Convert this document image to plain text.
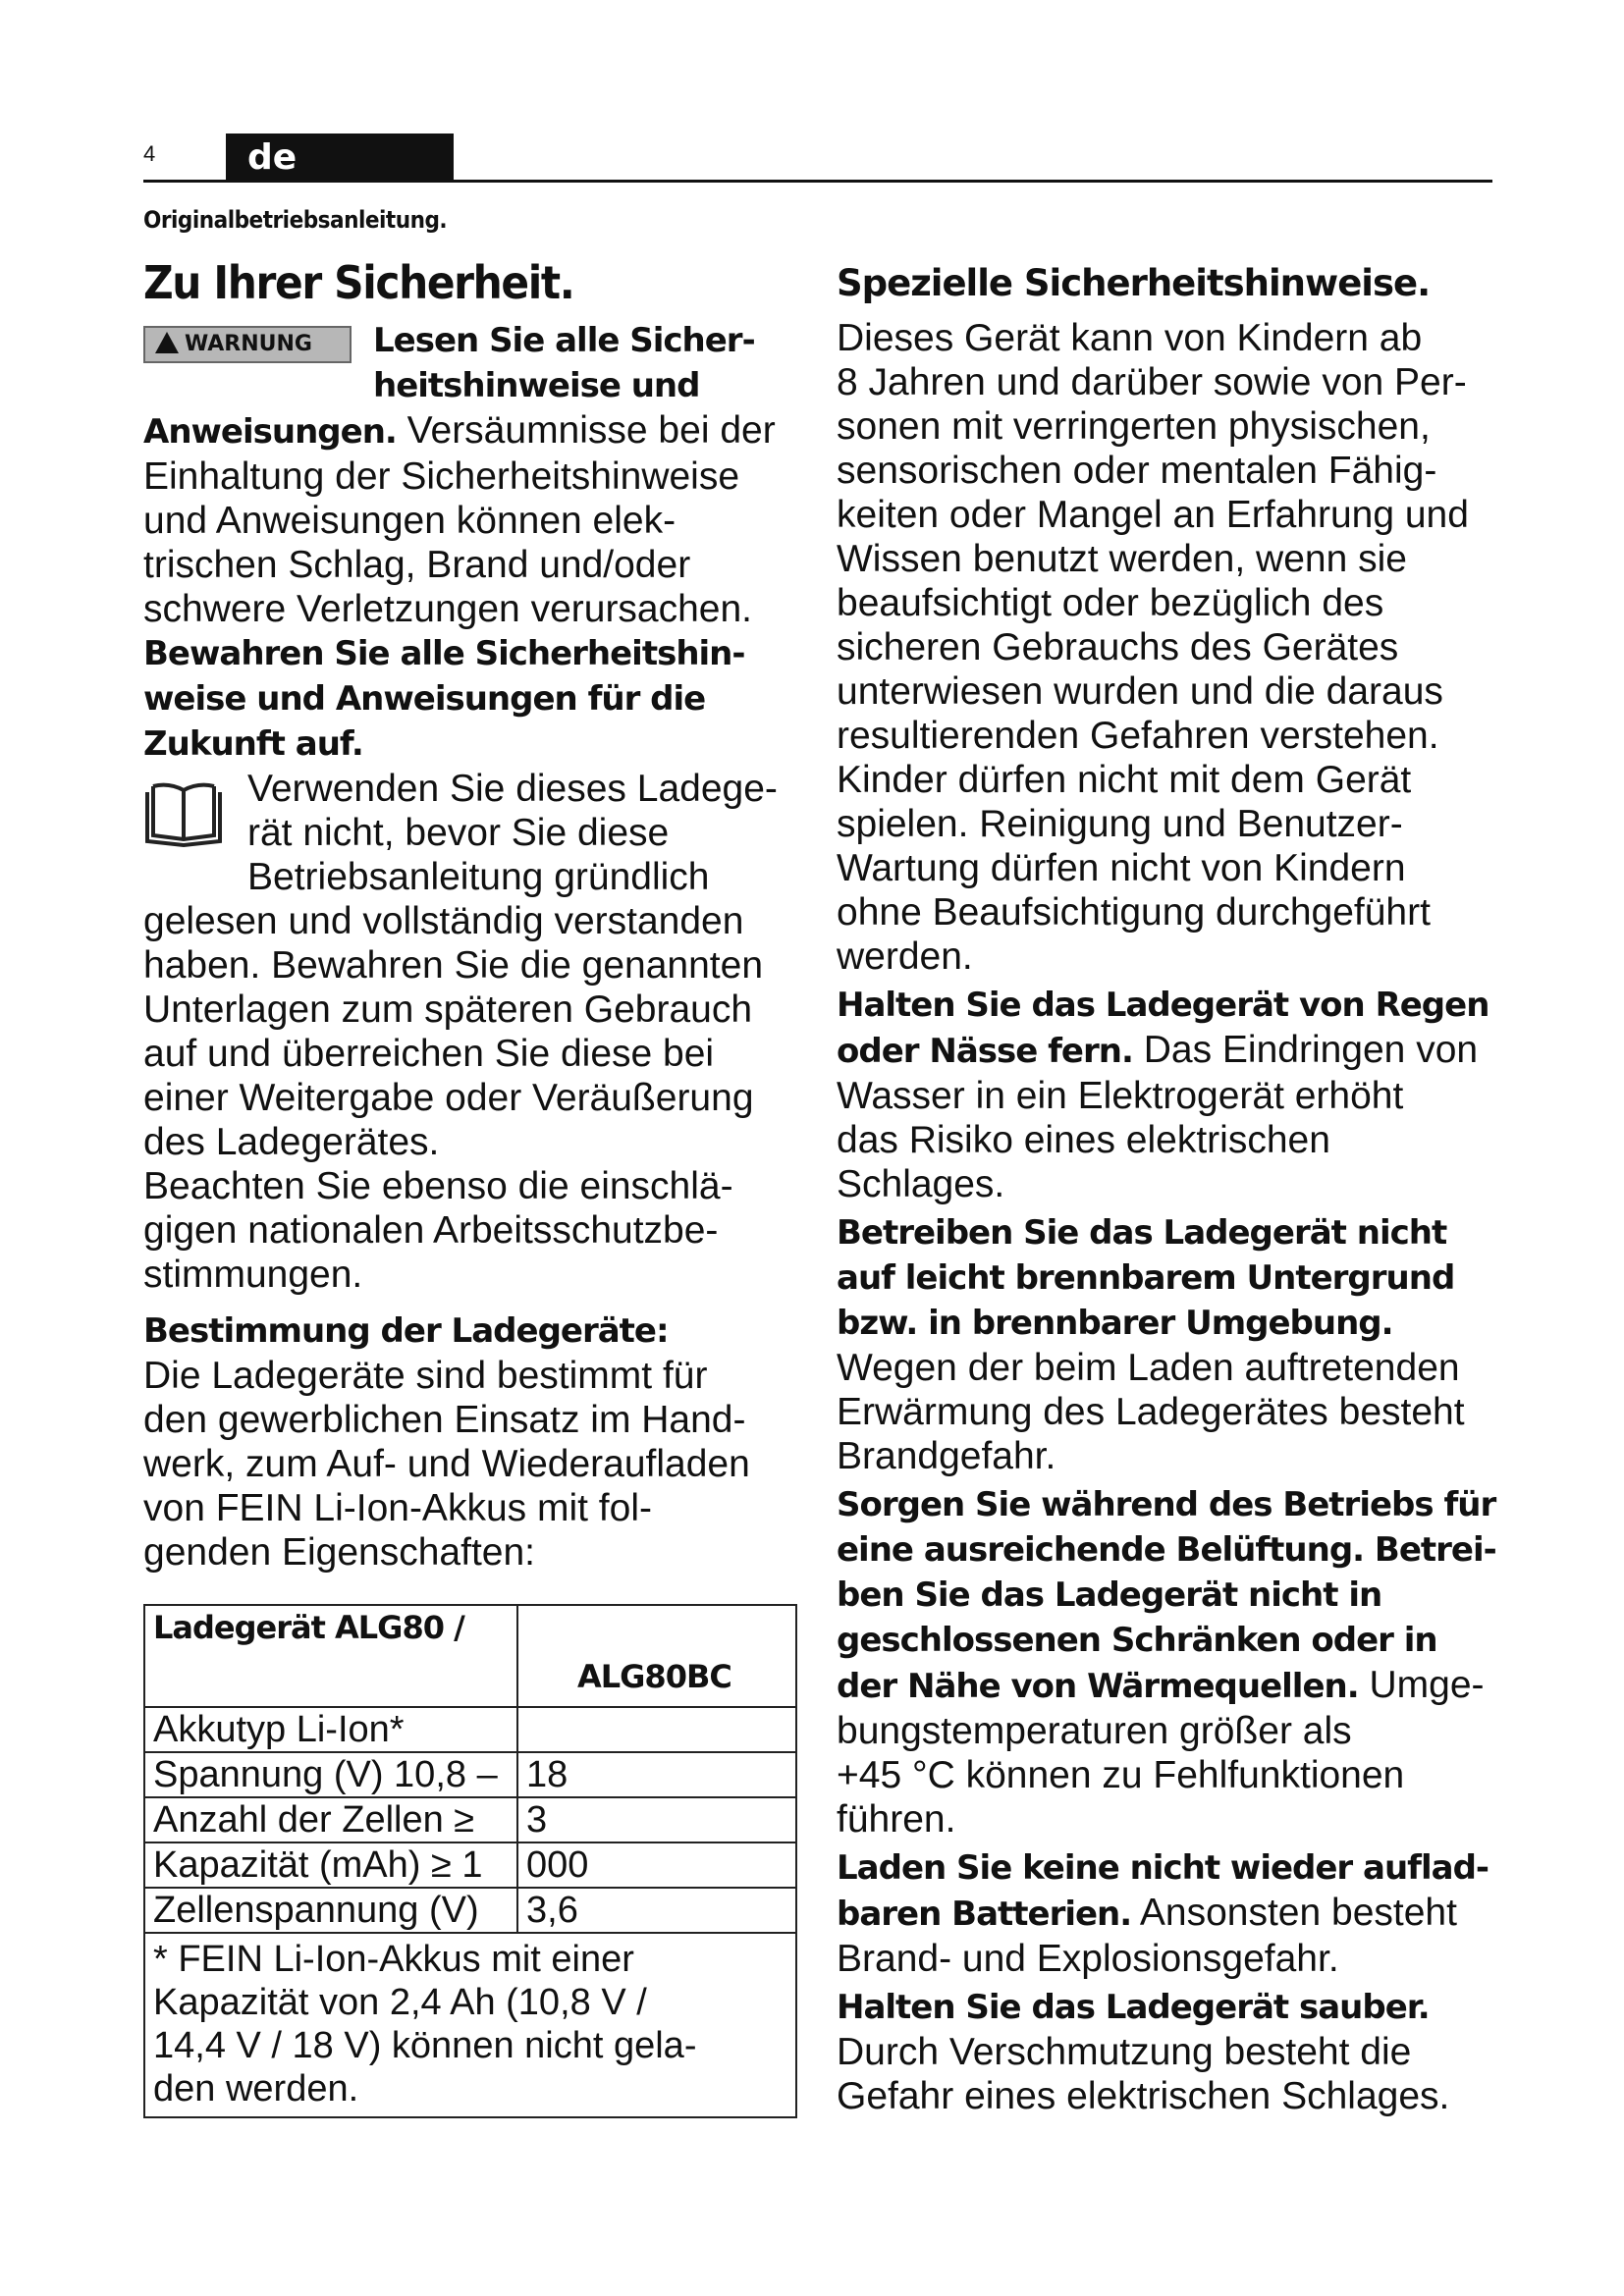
4	de
Originalbetriebsanleitung.
Zu Ihrer Sicherheit.
WARNUNG	Lesen Sie alle Sicher-
heitshinweise und
Anweisungen. Versäumnisse bei der
Einhaltung der Sicherheitshinweise
und Anweisungen können elek-
trischen Schlag, Brand und/oder
schwere Verletzungen verursachen.
Bewahren Sie alle Sicherheitshin-
weise und Anweisungen für die
Zukunft auf.
Verwenden Sie dieses Ladege-
rät nicht, bevor Sie diese
Betriebsanleitung gründlich
gelesen und vollständig verstanden
haben. Bewahren Sie die genannten
Unterlagen zum späteren Gebrauch
auf und überreichen Sie diese bei
einer Weitergabe oder Veräußerung
des Ladegerätes.
Beachten Sie ebenso die einschlä-
gigen nationalen Arbeitsschutzbe-
stimmungen.
Bestimmung der Ladegeräte:
Die Ladegeräte sind bestimmt für
den gewerblichen Einsatz im Hand-
werk, zum Auf- und Wiederaufladen
von FEIN Li-Ion-Akkus mit fol-
genden Eigenschaften:
Ladegerät ALG80 /	ALG80BC
Akkutyp Li-Ion*	
Spannung (V) 10,8 –	18
Anzahl der Zellen ≥	3
Kapazität (mAh) ≥ 1	000
Zellenspannung (V)	3,6

* FEIN Li-Ion-Akkus mit einer
Kapazität von 2,4 Ah (10,8 V /
14,4 V / 18 V) können nicht gela-
den werden.	
Spezielle Sicherheitshinweise.
Dieses Gerät kann von Kindern ab
8 Jahren und darüber sowie von Per-
sonen mit verringerten physischen,
sensorischen oder mentalen Fähig-
keiten oder Mangel an Erfahrung und
Wissen benutzt werden, wenn sie
beaufsichtigt oder bezüglich des
sicheren Gebrauchs des Gerätes
unterwiesen wurden und die daraus
resultierenden Gefahren verstehen.
Kinder dürfen nicht mit dem Gerät
spielen. Reinigung und Benutzer-
Wartung dürfen nicht von Kindern
ohne Beaufsichtigung durchgeführt
werden.
Halten Sie das Ladegerät von Regen
oder Nässe fern. Das Eindringen von
Wasser in ein Elektrogerät erhöht
das Risiko eines elektrischen
Schlages.
Betreiben Sie das Ladegerät nicht
auf leicht brennbarem Untergrund
bzw. in brennbarer Umgebung.
Wegen der beim Laden auftretenden
Erwärmung des Ladegerätes besteht
Brandgefahr.
Sorgen Sie während des Betriebs für
eine ausreichende Belüftung. Betrei-
ben Sie das Ladegerät nicht in
geschlossenen Schränken oder in
der Nähe von Wärmequellen. Umge-
bungstemperaturen größer als
+45 °C können zu Fehlfunktionen
führen.
Laden Sie keine nicht wieder auflad-
baren Batterien. Ansonsten besteht
Brand- und Explosionsgefahr.
Halten Sie das Ladegerät sauber.
Durch Verschmutzung besteht die
Gefahr eines elektrischen Schlages.
